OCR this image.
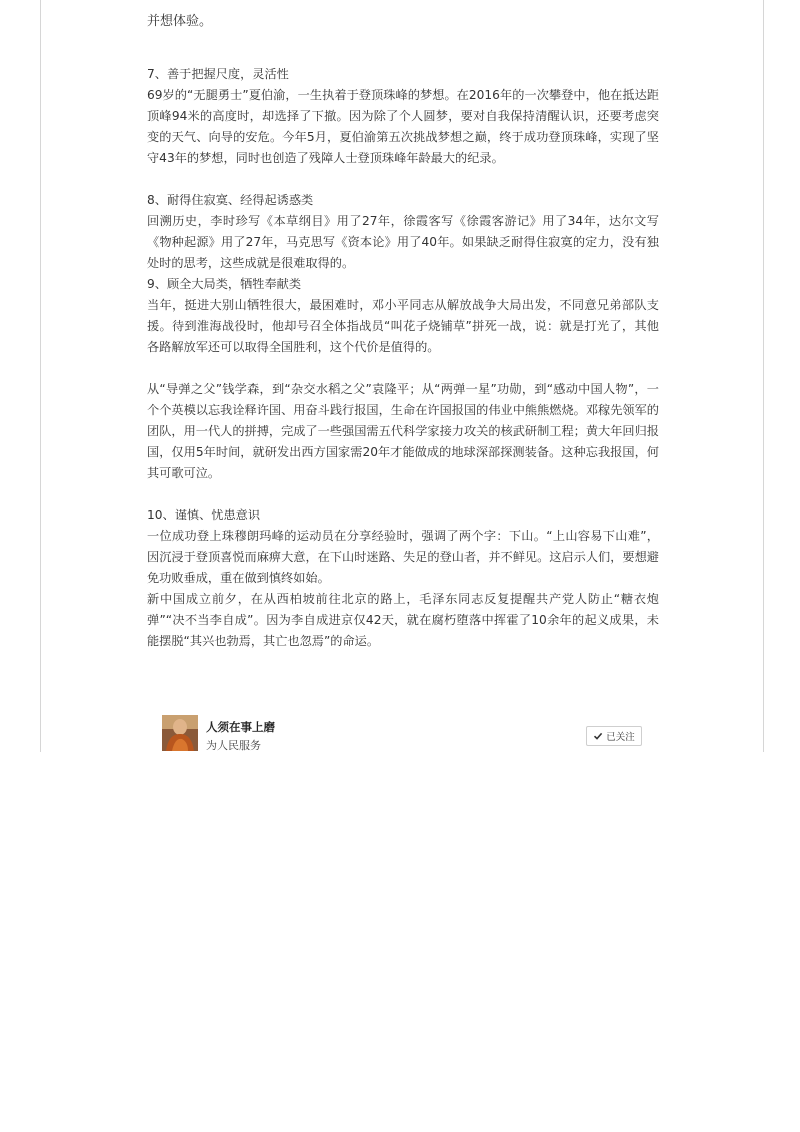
并想体验。

7、善于把握尺度，灵活性

69岁的“无腿勇士”夏伯渝，一生执着于登顶珠峰的梦想。在2016年的一次攀登中，他在抵达距顶峰94米的高度时，却选择了下撤。因为除了个人圆梦，要对自我保持清醒认识，还要考虑突变的天气、向导的安危。今年5月，夏伯渝第五次挑战梦想之巅，终于成功登顶珠峰，实现了坚守43年的梦想，同时也创造了残障人士登顶珠峰年龄最大的纪录。

8、耐得住寂寞、经得起诱惑类

回溯历史，李时珍写《本草纲目》用了27年，徐霞客写《徐霞客游记》用了34年，达尔文写《物种起源》用了27年，马克思写《资本论》用了40年。如果缺乏耐得住寂寞的定力，没有独处时的思考，这些成就是很难取得的。

9、顾全大局类，牺牲奉献类

当年，挺进大别山牺牲很大，最困难时，邓小平同志从解放战争大局出发，不同意兄弟部队支援。待到淮海战役时，他却号召全体指战员“叫花子烧铺草”拼死一战，说：就是打光了，其他各路解放军还可以取得全国胜利，这个代价是值得的。

从“导弹之父”钱学森，到“杂交水稻之父”袁隆平；从“两弹一星”功勋，到“感动中国人物”，一个个英模以忘我诠释许国、用奋斗践行报国，生命在许国报国的伟业中熊熊燃烧。邓稼先领军的团队，用一代人的拼搏，完成了一些强国需五代科学家接力攻关的核武研制工程；黄大年回归报国，仅用5年时间，就研发出西方国家需20年才能做成的地球深部探测装备。这种忘我报国，何其可歌可泣。

10、谨慎、忧患意识

一位成功登上珠穆朗玛峰的运动员在分享经验时，强调了两个字：下山。“上山容易下山难”，因沉浸于登顶喜悦而麻痹大意，在下山时迷路、失足的登山者，并不鲜见。这启示人们，要想避免功败垂成，重在做到慎终如始。

新中国成立前夕，在从西柏坡前往北京的路上，毛泽东同志反复提醒共产党人防止“糖衣炮弹”“决不当李自成”。因为李自成进京仅42天，就在腐朽堕落中挥霍了10余年的起义成果，未能摆脱“其兴也勃焉，其亡也忽焉”的命运。

人须在事上磨
为人民服务
已关注
